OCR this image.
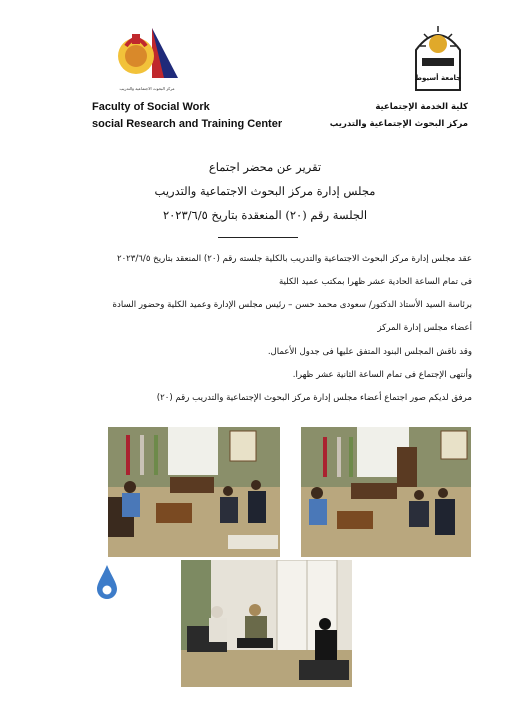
مركز البحوث الاجتماعية والتدريب
جامعة أسيوط
Faculty of Social Work
social Research and Training Center
كلية الخدمة الإجتماعية
مركز البحوث الإجتماعية والتدريب
تقرير عن محضر اجتماع
مجلس إدارة مركز البحوث الاجتماعية والتدريب
الجلسة رقم (٢٠) المنعقدة بتاريخ ٢٠٢٣/٦/٥
عقد مجلس إدارة مركز البحوث الاجتماعية والتدريب بالكلية جلسته رقم (٢٠) المنعقد بتاريخ ٢٠٢٣/٦/٥
فى تمام الساعة الحادية عشر ظهرا بمكتب عميد الكلية
برئاسة السيد الأستاذ الدكتور/ سعودى محمد حسن – رئيس مجلس الإدارة وعميد الكلية وحضور السادة
أعضاء مجلس إدارة المركز
وقد ناقش المجلس البنود المتفق عليها فى جدول الأعمال.
وأنتهى الإجتماع فى تمام الساعة الثانية عشر ظهرا.
مرفق لديكم صور اجتماع أعضاء مجلس إدارة مركز البحوث الإجتماعية والتدريب رقم (٢٠)
